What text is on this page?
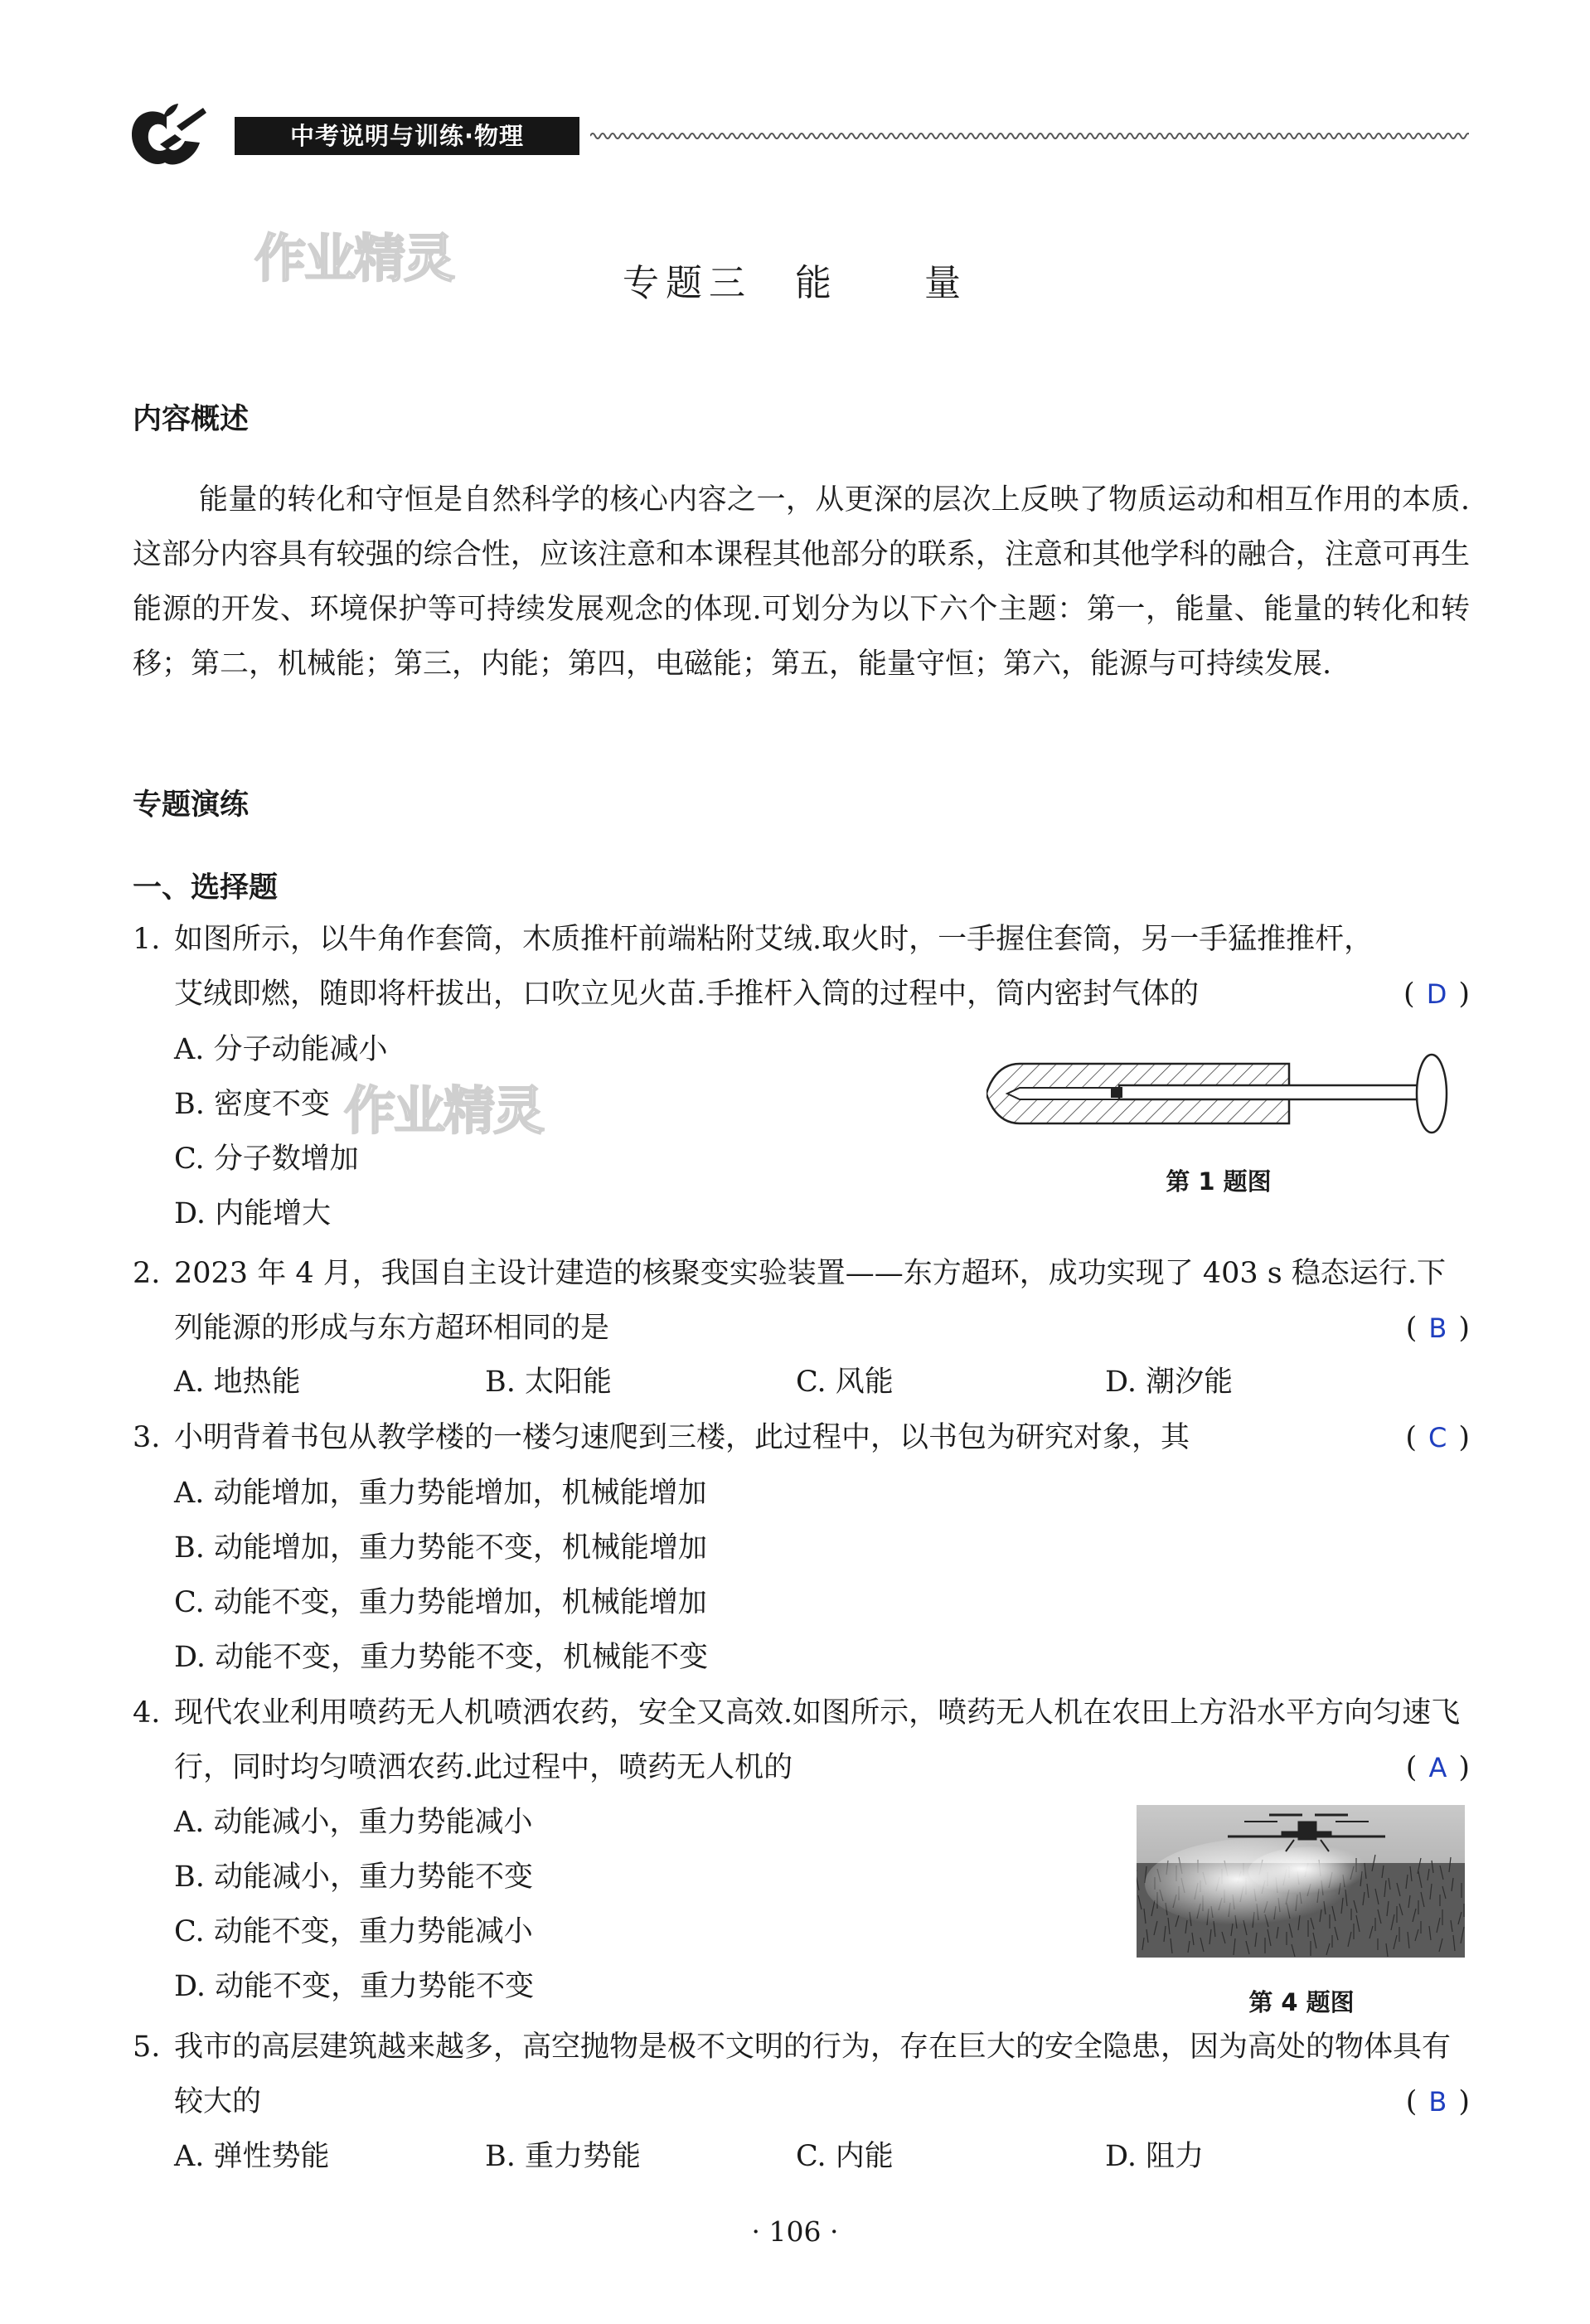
中考说明与训练·物理
作业精灵	专题三　能　　量
内容概述
能量的转化和守恒是自然科学的核心内容之一，从更深的层次上反映了物质运动和相互作用的本质.这部分内容具有较强的综合性，应该注意和本课程其他部分的联系，注意和其他学科的融合，注意可再生能源的开发、环境保护等可持续发展观念的体现.可划分为以下六个主题：第一，能量、能量的转化和转移；第二，机械能；第三，内能；第四，电磁能；第五，能量守恒；第六，能源与可持续发展.
专题演练
一、选择题
1. 如图所示，以牛角作套筒，木质推杆前端粘附艾绒.取火时，一手握住套筒，另一手猛推推杆，艾绒即燃，随即将杆拔出，口吹立见火苗.手推杆入筒的过程中，筒内密封气体的	( D )
A. 分子动能减小
B. 密度不变
C. 分子数增加
D. 内能增大
作业精灵
第 1 题图
2. 2023 年 4 月，我国自主设计建造的核聚变实验装置——东方超环，成功实现了 403 s 稳态运行.下列能源的形成与东方超环相同的是	( B )
A. 地热能	B. 太阳能	C. 风能	D. 潮汐能
3. 小明背着书包从教学楼的一楼匀速爬到三楼，此过程中，以书包为研究对象，其	( C )
A. 动能增加，重力势能增加，机械能增加
B. 动能增加，重力势能不变，机械能增加
C. 动能不变，重力势能增加，机械能增加
D. 动能不变，重力势能不变，机械能不变
4. 现代农业利用喷药无人机喷洒农药，安全又高效.如图所示，喷药无人机在农田上方沿水平方向匀速飞行，同时均匀喷洒农药.此过程中，喷药无人机的	( A )
A. 动能减小，重力势能减小
B. 动能减小，重力势能不变
C. 动能不变，重力势能减小
D. 动能不变，重力势能不变	第 4 题图
5. 我市的高层建筑越来越多，高空抛物是极不文明的行为，存在巨大的安全隐患，因为高处的物体具有较大的	( B )
A. 弹性势能	B. 重力势能	C. 内能	D. 阻力
· 106 ·
